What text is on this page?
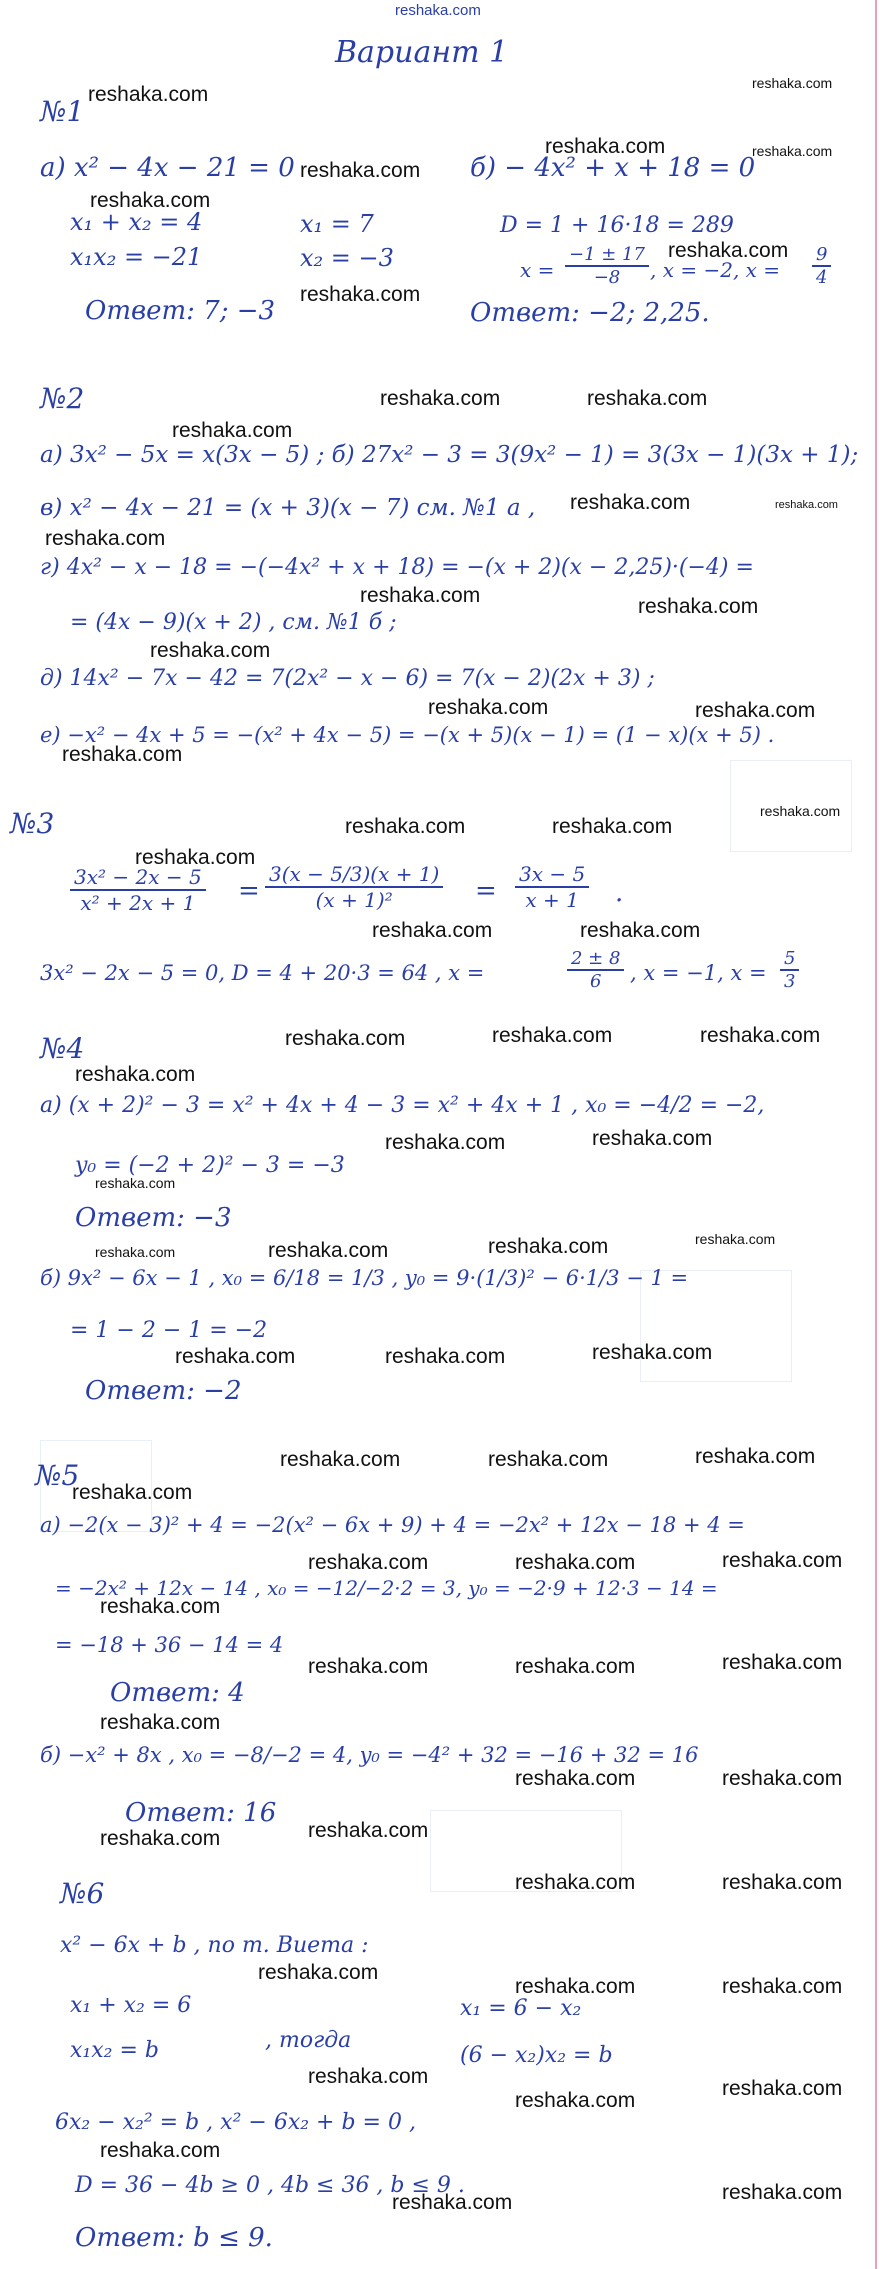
reshaka.com
Вариант 1
№1
а) x² − 4x − 21 = 0	б) − 4x² + x + 18 = 0
x₁ + x₂ = 4
x₁x₂ = −21
x₁ = 7
x₂ = −3
D = 1 + 16·18 = 289
$x = \frac{-1 \pm 17}{-8}$ , x = −2, $x = \frac{9}{4}$
Ответ: 7; −3	Ответ: −2; 2,25.
№2
а) 3x² − 5x = x(3x − 5) ; б) 27x² − 3 = 3(9x² − 1) = 3(3x − 1)(3x + 1);
в) x² − 4x − 21 = (x + 3)(x − 7) см. №1 а ,
г) 4x² − x − 18 = −(−4x² + x + 18) = −(x + 2)(x − 2,25)·(−4) =
= (4x − 9)(x + 2) , см. №1 б ;
д) 14x² − 7x − 42 = 7(2x² − x − 6) = 7(x − 2)(2x + 3) ;
е) −x² − 4x + 5 = −(x² + 4x − 5) = −(x + 5)(x − 1) = (1 − x)(x + 5) .
№3
$\frac{\text{3x² − 2x − 5}}{\text{x² + 2x + 1}} = \frac{3(x - 5/3)(x + 1)}{\text{(x + 1)²}} = \frac{3x - 5}{x + 1}$ .
3x² − 2x − 5 = 0, D = 4 + 20·3 = 64 , x =	$\frac{2 \pm 8}{6}$ , x = −1, $x = \frac{5}{3}$
№4
а) (x + 2)² − 3 = x² + 4x + 4 − 3 = x² + 4x + 1 , x₀ = −4/2 = −2,
y₀ = (−2 + 2)² − 3 = −3
Ответ: −3
б) 9x² − 6x − 1 , x₀ = 6/18 = 1/3 , y₀ = 9·(1/3)² − 6·1/3 − 1 =
= 1 − 2 − 1 = −2
Ответ: −2
№5
а) −2(x − 3)² + 4 = −2(x² − 6x + 9) + 4 = −2x² + 12x − 18 + 4 =
= −2x² + 12x − 14 , x₀ = −12/−2·2 = 3, y₀ = −2·9 + 12·3 − 14 =
= −18 + 36 − 14 = 4
Ответ: 4
б) −x² + 8x , x₀ = −8/−2 = 4, y₀ = −4² + 32 = −16 + 32 = 16
Ответ: 16
№6
x² − 6x + b , по т. Виета :
x₁ + x₂ = 6
x₁x₂ = b	, тогда
x₁ = 6 − x₂
(6 − x₂)x₂ = b
6x₂ − x₂² = b , x² − 6x₂ + b = 0 ,
D = 36 − 4b ≥ 0 , 4b ≤ 36 , b ≤ 9 .
Ответ: b ≤ 9.
reshaka.com	reshaka.com
reshaka.com	reshaka.com
reshaka.com
reshaka.com
reshaka.com
reshaka.com
reshaka.com	reshaka.com
reshaka.com
reshaka.com	reshaka.com
reshaka.com
reshaka.com	reshaka.com
reshaka.com
reshaka.com	reshaka.com
reshaka.com
reshaka.com
reshaka.com	reshaka.com
reshaka.com
reshaka.com	reshaka.com
reshaka.com	reshaka.com	reshaka.com
reshaka.com
reshaka.com	reshaka.com
reshaka.com
reshaka.com	reshaka.com	reshaka.com
reshaka.com
reshaka.com	reshaka.com	reshaka.com
reshaka.com	reshaka.com	reshaka.com
reshaka.com
reshaka.com	reshaka.com	reshaka.com
reshaka.com
reshaka.com	reshaka.com	reshaka.com
reshaka.com
reshaka.com	reshaka.com
reshaka.com
reshaka.com
reshaka.com	reshaka.com
reshaka.com
reshaka.com	reshaka.com
reshaka.com
reshaka.com
reshaka.com
reshaka.com
reshaka.com	reshaka.com
